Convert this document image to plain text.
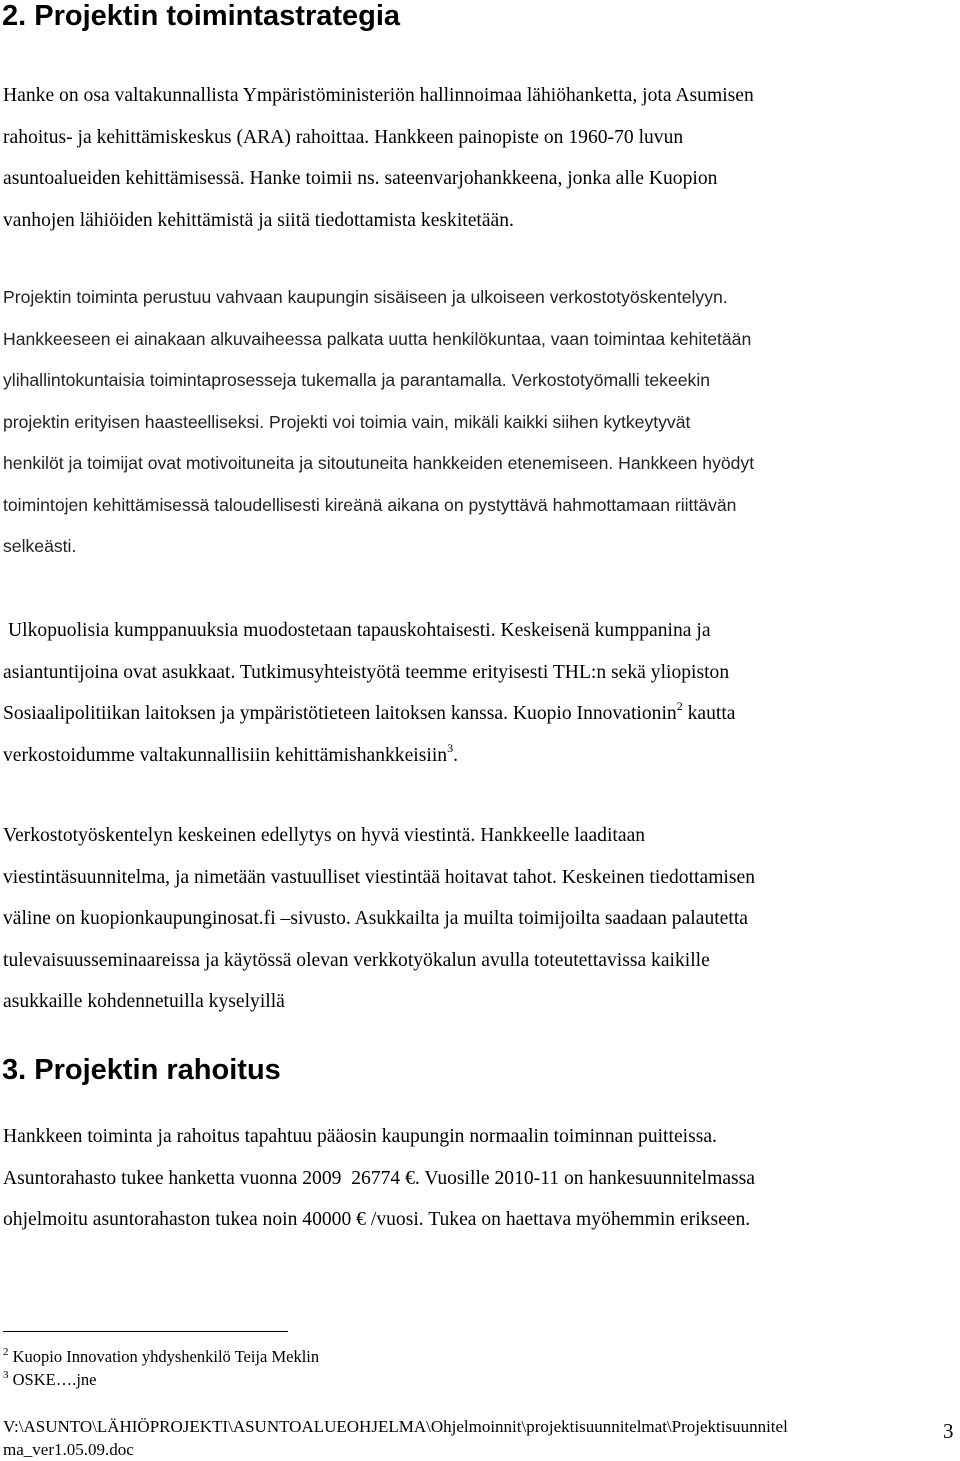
2. Projektin toimintastrategia
Hanke on osa valtakunnallista Ympäristöministeriön hallinnoimaa lähiöhanketta, jota Asumisen
rahoitus- ja kehittämiskeskus (ARA) rahoittaa. Hankkeen painopiste on 1960-70 luvun
asuntoalueiden kehittämisessä. Hanke toimii ns. sateenvarjohankkeena, jonka alle Kuopion
vanhojen lähiöiden kehittämistä ja siitä tiedottamista keskitetään.
Projektin toiminta perustuu vahvaan kaupungin sisäiseen ja ulkoiseen verkostotyöskentelyyn.
Hankkeeseen ei ainakaan alkuvaiheessa palkata uutta henkilökuntaa, vaan toimintaa kehitetään
ylihallintokuntaisia toimintaprosesseja tukemalla ja parantamalla. Verkostotyömalli tekeekin
projektin erityisen haasteelliseksi. Projekti voi toimia vain, mikäli kaikki siihen kytkeytyvät
henkilöt ja toimijat ovat motivoituneita ja sitoutuneita hankkeiden etenemiseen. Hankkeen hyödyt
toimintojen kehittämisessä taloudellisesti kireänä aikana on pystyttävä hahmottamaan riittävän
selkeästi.
Ulkopuolisia kumppanuuksia muodostetaan tapauskohtaisesti. Keskeisenä kumppanina ja
asiantuntijoina ovat asukkaat. Tutkimusyhteistyötä teemme erityisesti THL:n sekä yliopiston
Sosiaalipolitiikan laitoksen ja ympäristötieteen laitoksen kanssa. Kuopio Innovationin$^2$ kautta
verkostoidumme valtakunnallisiin kehittämishankkeisiin$^3$.
Verkostotyöskentelyn keskeinen edellytys on hyvä viestintä. Hankkeelle laaditaan
viestintäsuunnitelma, ja nimetään vastuulliset viestintää hoitavat tahot. Keskeinen tiedottamisen
väline on kuopionkaupunginosat.fi –sivusto. Asukkailta ja muilta toimijoilta saadaan palautetta
tulevaisuusseminaareissa ja käytössä olevan verkkotyökalun avulla toteutettavissa kaikille
asukkaille kohdennetuilla kyselyillä
3. Projektin rahoitus
Hankkeen toiminta ja rahoitus tapahtuu pääosin kaupungin normaalin toiminnan puitteissa.
Asuntorahasto tukee hanketta vuonna 2009  26774 €. Vuosille 2010-11 on hankesuunnitelmassa
ohjelmoitu asuntorahaston tukea noin 40000 € /vuosi. Tukea on haettava myöhemmin erikseen.
$^2$ Kuopio Innovation yhdyshenkilö Teija Meklin
$^3$ OSKE….jne
V:\ASUNTO\LÄHIÖPROJEKTI\ASUNTOALUEOHJELMA\Ohjelmoinnit\projektisuunnitelmat\Projektisuunnitel
ma_ver1.05.09.doc
3
